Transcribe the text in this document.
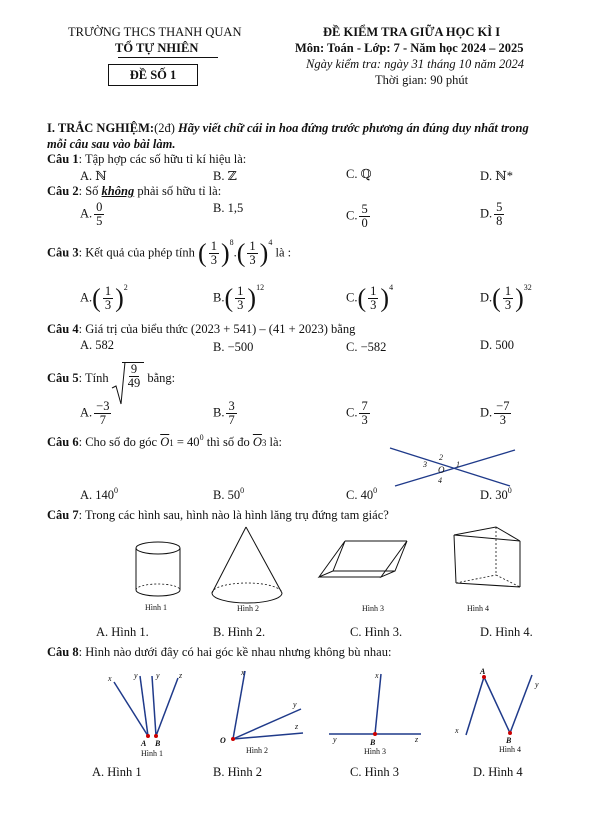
TRƯỜNG THCS THANH QUAN
TỔ TỰ NHIÊN
ĐỀ SỐ 1
ĐỀ KIỂM TRA GIỮA HỌC KÌ I
Môn: Toán - Lớp: 7 - Năm học 2024 – 2025
Ngày kiểm tra: ngày 31 tháng 10 năm 2024
Thời gian: 90 phút
I. TRẮC NGHIỆM:(2đ) Hãy viết chữ cái in hoa đứng trước phương án đúng duy nhất trong
mỗi câu sau vào bài làm.
Câu 1: Tập hợp các số hữu tỉ kí hiệu là:
A. ℕ	B. ℤ	C. ℚ	D. ℕ*
Câu 2: Số không phải số hữu tỉ là:
A. $\frac{0}{5}$	B. 1,5
C. $\frac{5}{0}$	D. $\frac{5}{8}$
Câu 3: Kết quả của phép tính ( $\frac{1}{3} )^8.( \frac{1}{3} )^4$ là :
$A.( \frac{1}{3} )^2$
$B.( \frac{1}{3} )^{12}$
$C.( \frac{1}{3} )^4$
$D.( \frac{1}{3} )^{32}$
Câu 4: Giá trị của biểu thức (2023 + 541) – (41 + 2023) bằng
A. 582	B. −500	C. −582	D. 500
Câu 5: Tính $\frac{9}{49}$ bằng:
A. $\frac{-3}{7}$	B. $\frac{3}{7}$	C. $\frac{7}{3}$	D. $\frac{-7}{3}$
Câu 6: Cho số đo góc $\overline{O}1 = 40^0$ thì số đo $\overline{O}3$ là:
2
3
O
1
4
A. $140^0$	B. $50^0$	C. $40^0$	D. $30^0$
Câu 7: Trong các hình sau, hình nào là hình lăng trụ đứng tam giác?
Hình 1	Hình 2	Hình 3	Hình 4
A. Hình 1.	B. Hình 2.	C. Hình 3.	D. Hình 4.
Câu 8: Hình nào dưới đây có hai góc kề nhau nhưng không bù nhau:
x	y y z
A B
Hình 1
x
y
z
O
Hình 2
x
y	z
B
Hình 3
A
x
y
B
Hình 4
A. Hình 1	B. Hình 2	C. Hình 3	D. Hình 4
